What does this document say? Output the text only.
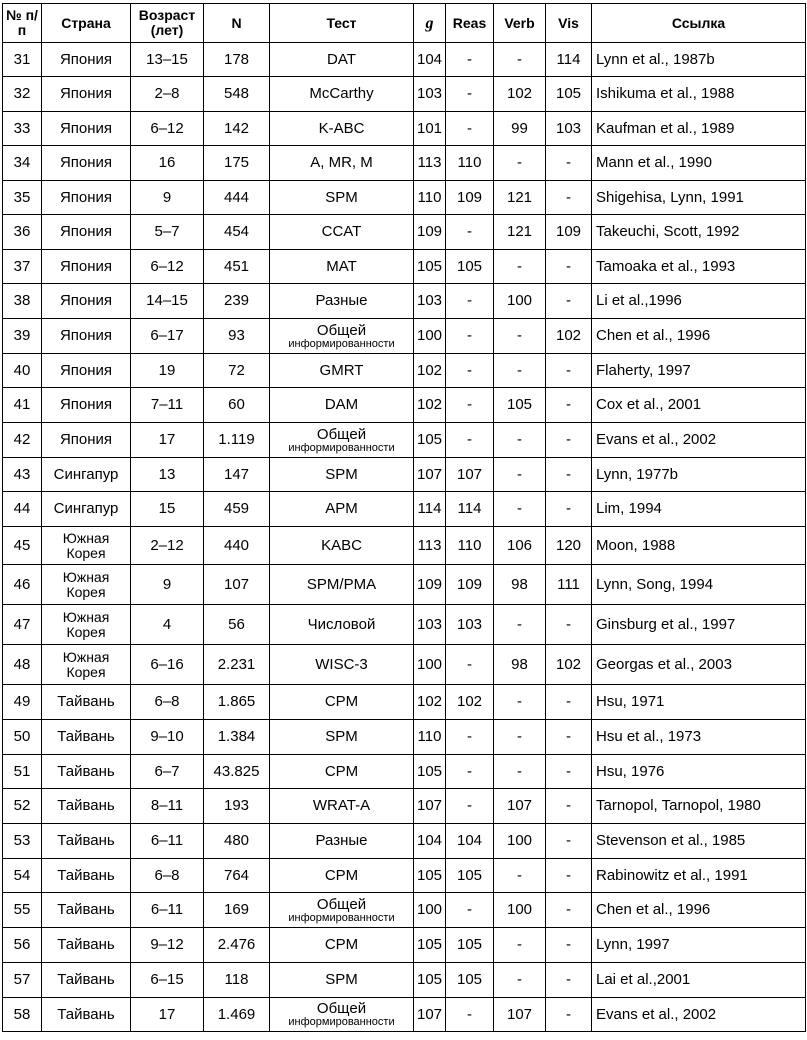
№ п/п	Страна	Возраст (лет)	N	Тест	g	Reas	Verb	Vis	Ссылка
31	Япония	13–15	178	DAT	104	-	-	114	Lynn et al., 1987b
32	Япония	2–8	548	McCarthy	103	-	102	105	Ishikuma et al., 1988
33	Япония	6–12	142	K-ABC	101	-	99	103	Kaufman et al., 1989
34	Япония	16	175	A, MR, M	113	110	-	-	Mann et al., 1990
35	Япония	9	444	SPM	110	109	121	-	Shigehisa, Lynn, 1991
36	Япония	5–7	454	CCAT	109	-	121	109	Takeuchi, Scott, 1992
37	Япония	6–12	451	MAT	105	105	-	-	Tamoaka et al., 1993
38	Япония	14–15	239	Разные	103	-	100	-	Li et al.,1996
39	Япония	6–17	93	Общей
информированности	100	-	-	102	Chen et al., 1996
40	Япония	19	72	GMRT	102	-	-	-	Flaherty, 1997
41	Япония	7–11	60	DAM	102	-	105	-	Cox et al., 2001
42	Япония	17	1.119	Общей
информированности	105	-	-	-	Evans et al., 2002
43	Сингапур	13	147	SPM	107	107	-	-	Lynn, 1977b
44	Сингапур	15	459	APM	114	114	-	-	Lim, 1994
45	Южная Корея	2–12	440	KABC	113	110	106	120	Moon, 1988
46	Южная Корея	9	107	SPM/PMA	109	109	98	111	Lynn, Song, 1994
47	Южная Корея	4	56	Числовой	103	103	-	-	Ginsburg et al., 1997
48	Южная Корея	6–16	2.231	WISC-3	100	-	98	102	Georgas et al., 2003
49	Тайвань	6–8	1.865	CPM	102	102	-	-	Hsu, 1971
50	Тайвань	9–10	1.384	SPM	110	-	-	-	Hsu et al., 1973
51	Тайвань	6–7	43.825	CPM	105	-	-	-	Hsu, 1976
52	Тайвань	8–11	193	WRAT-A	107	-	107	-	Tarnopol, Tarnopol, 1980
53	Тайвань	6–11	480	Разные	104	104	100	-	Stevenson et al., 1985
54	Тайвань	6–8	764	CPM	105	105	-	-	Rabinowitz et al., 1991
55	Тайвань	6–11	169	Общей
информированности	100	-	100	-	Chen et al., 1996
56	Тайвань	9–12	2.476	CPM	105	105	-	-	Lynn, 1997
57	Тайвань	6–15	118	SPM	105	105	-	-	Lai et al.,2001
58	Тайвань	17	1.469	Общей
информированности	107	-	107	-	Evans et al., 2002
